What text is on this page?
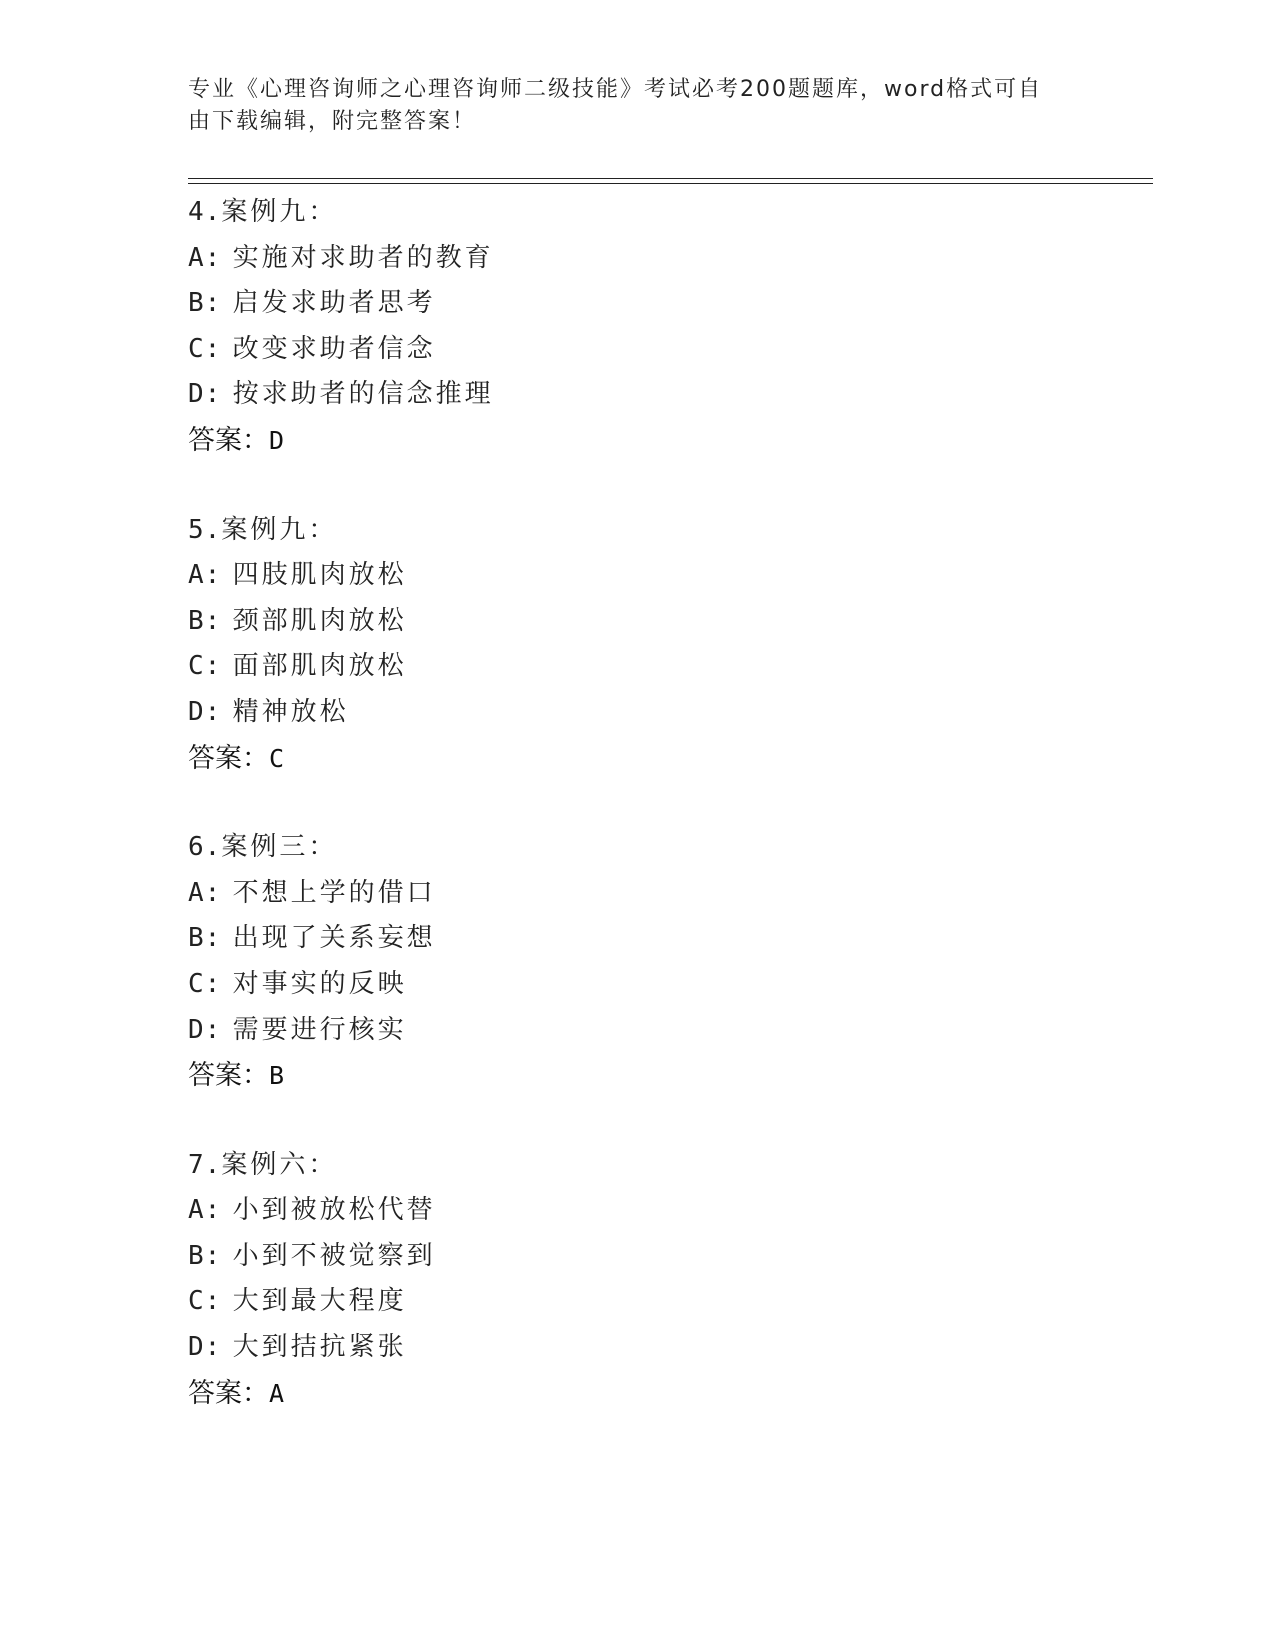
专业《心理咨询师之心理咨询师二级技能》考试必考200题题库，word格式可自
由下载编辑，附完整答案！
4.案例九：
A: 实施对求助者的教育
B: 启发求助者思考
C: 改变求助者信念
D: 按求助者的信念推理
答案：D
5.案例九：
A: 四肢肌肉放松
B: 颈部肌肉放松
C: 面部肌肉放松
D: 精神放松
答案：C
6.案例三：
A: 不想上学的借口
B: 出现了关系妄想
C: 对事实的反映
D: 需要进行核实
答案：B
7.案例六：
A: 小到被放松代替
B: 小到不被觉察到
C: 大到最大程度
D: 大到拮抗紧张
答案：A
